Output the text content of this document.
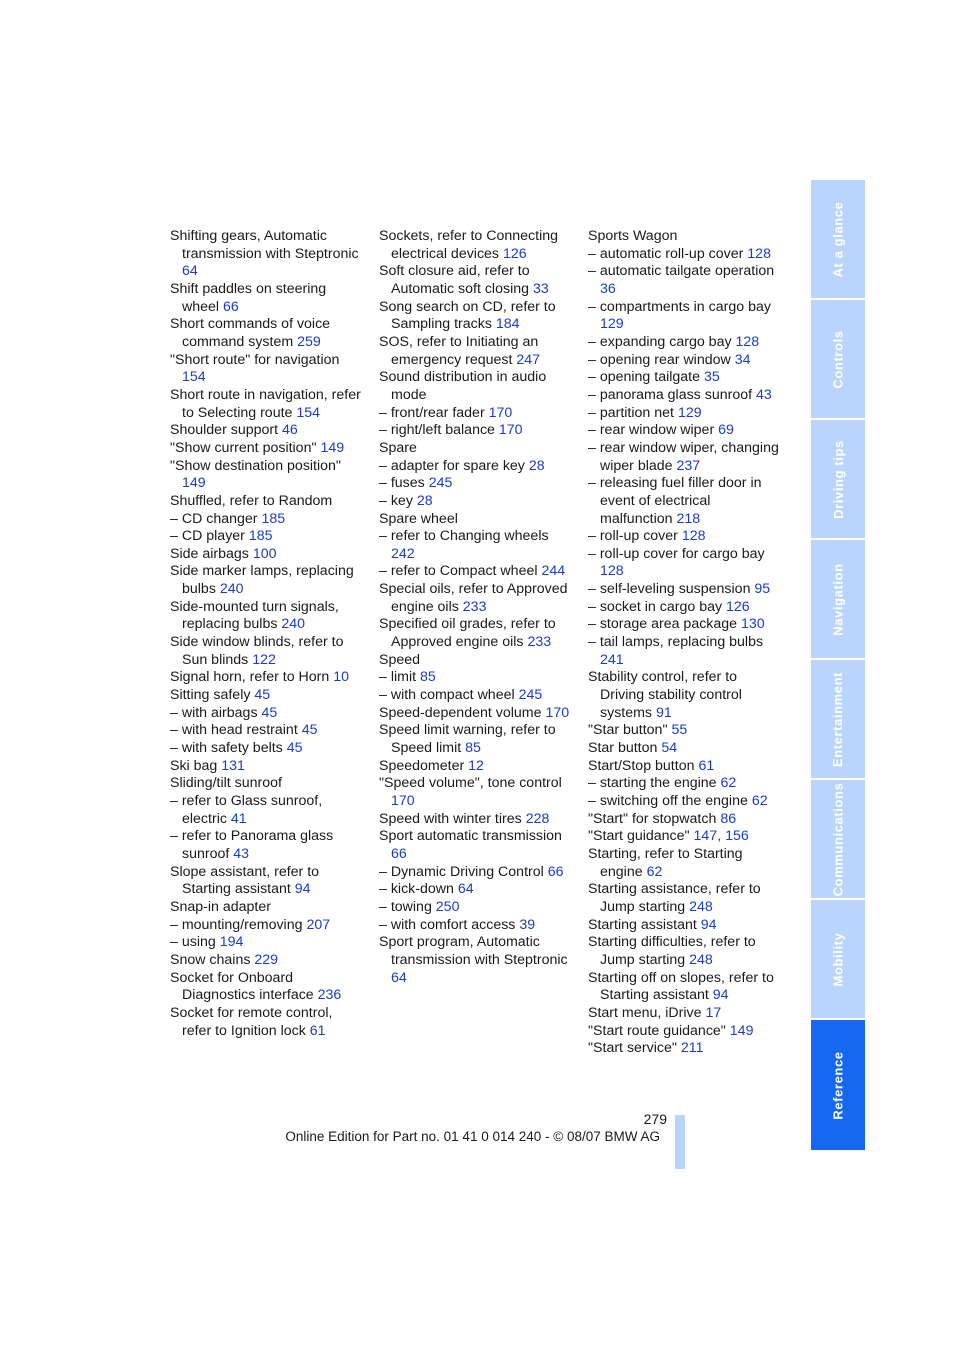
Shifting gears, Automatic transmission with Steptronic 64
Shift paddles on steering wheel 66
Short commands of voice command system 259
"Short route" for navigation 154
Short route in navigation, refer to Selecting route 154
Shoulder support 46
"Show current position" 149
"Show destination position" 149
Shuffled, refer to Random
– CD changer 185
– CD player 185
Side airbags 100
Side marker lamps, replacing bulbs 240
Side-mounted turn signals, replacing bulbs 240
Side window blinds, refer to Sun blinds 122
Signal horn, refer to Horn 10
Sitting safely 45
– with airbags 45
– with head restraint 45
– with safety belts 45
Ski bag 131
Sliding/tilt sunroof
– refer to Glass sunroof, electric 41
– refer to Panorama glass sunroof 43
Slope assistant, refer to Starting assistant 94
Snap-in adapter
– mounting/removing 207
– using 194
Snow chains 229
Socket for Onboard Diagnostics interface 236
Socket for remote control, refer to Ignition lock 61
Sockets, refer to Connecting electrical devices 126
Soft closure aid, refer to Automatic soft closing 33
Song search on CD, refer to Sampling tracks 184
SOS, refer to Initiating an emergency request 247
Sound distribution in audio mode
– front/rear fader 170
– right/left balance 170
Spare
– adapter for spare key 28
– fuses 245
– key 28
Spare wheel
– refer to Changing wheels 242
– refer to Compact wheel 244
Special oils, refer to Approved engine oils 233
Specified oil grades, refer to Approved engine oils 233
Speed
– limit 85
– with compact wheel 245
Speed-dependent volume 170
Speed limit warning, refer to Speed limit 85
Speedometer 12
"Speed volume", tone control 170
Speed with winter tires 228
Sport automatic transmission 66
– Dynamic Driving Control 66
– kick-down 64
– towing 250
– with comfort access 39
Sport program, Automatic transmission with Steptronic 64
Sports Wagon
– automatic roll-up cover 128
– automatic tailgate operation 36
– compartments in cargo bay 129
– expanding cargo bay 128
– opening rear window 34
– opening tailgate 35
– panorama glass sunroof 43
– partition net 129
– rear window wiper 69
– rear window wiper, changing wiper blade 237
– releasing fuel filler door in event of electrical malfunction 218
– roll-up cover 128
– roll-up cover for cargo bay 128
– self-leveling suspension 95
– socket in cargo bay 126
– storage area package 130
– tail lamps, replacing bulbs 241
Stability control, refer to Driving stability control systems 91
"Star button" 55
Star button 54
Start/Stop button 61
– starting the engine 62
– switching off the engine 62
"Start" for stopwatch 86
"Start guidance" 147, 156
Starting, refer to Starting engine 62
Starting assistance, refer to Jump starting 248
Starting assistant 94
Starting difficulties, refer to Jump starting 248
Starting off on slopes, refer to Starting assistant 94
Start menu, iDrive 17
"Start route guidance" 149
"Start service" 211
At a glance
Controls
Driving tips
Navigation
Entertainment
Communications
Mobility
Reference
279
Online Edition for Part no. 01 41 0 014 240 - © 08/07 BMW AG
